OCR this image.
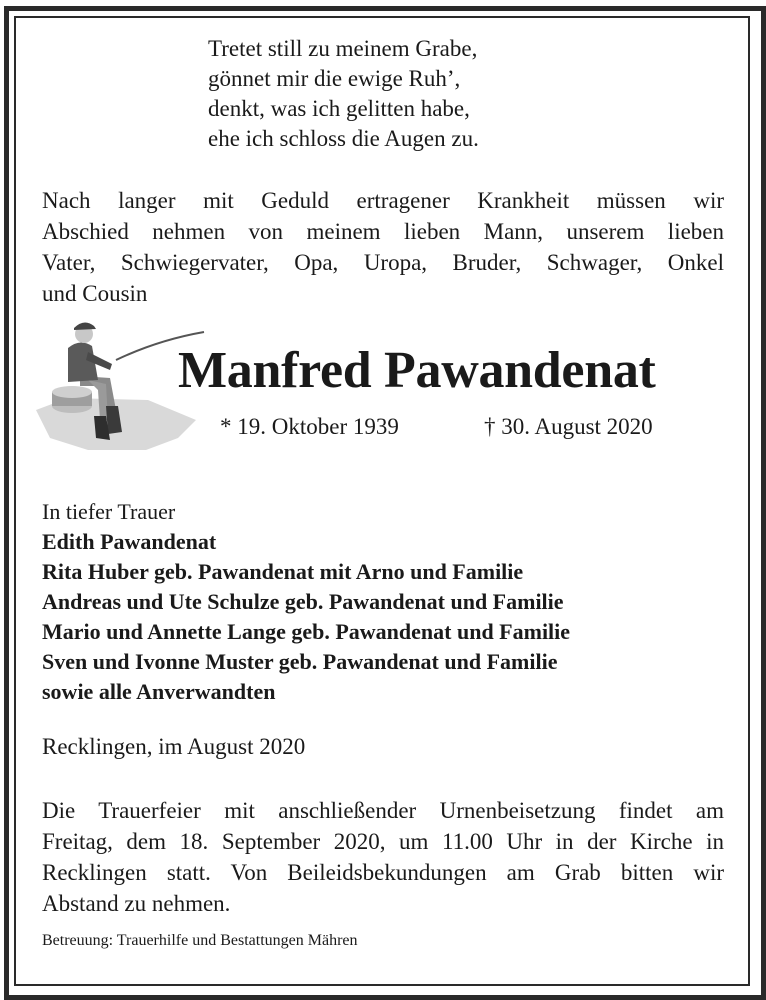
Tretet still zu meinem Grabe,
gönnet mir die ewige Ruh’,
denkt, was ich gelitten habe,
ehe ich schloss die Augen zu.
Nach langer mit Geduld ertragener Krankheit müssen wir
Abschied nehmen von meinem lieben Mann, unserem lieben
Vater, Schwiegervater, Opa, Uropa, Bruder, Schwager, Onkel
und Cousin
Manfred Pawandenat
* 19. Oktober 1939	† 30. August 2020
In tiefer Trauer
Edith Pawandenat
Rita Huber geb. Pawandenat mit Arno und Familie
Andreas und Ute Schulze geb. Pawandenat und Familie
Mario und Annette Lange geb. Pawandenat und Familie
Sven und Ivonne Muster geb. Pawandenat und Familie
sowie alle Anverwandten
Recklingen, im August 2020
Die Trauerfeier mit anschließender Urnenbeisetzung findet am
Freitag, dem 18. September 2020, um 11.00 Uhr in der Kirche in
Recklingen statt. Von Beileidsbekundungen am Grab bitten wir
Abstand zu nehmen.
Betreuung: Trauerhilfe und Bestattungen Mähren
